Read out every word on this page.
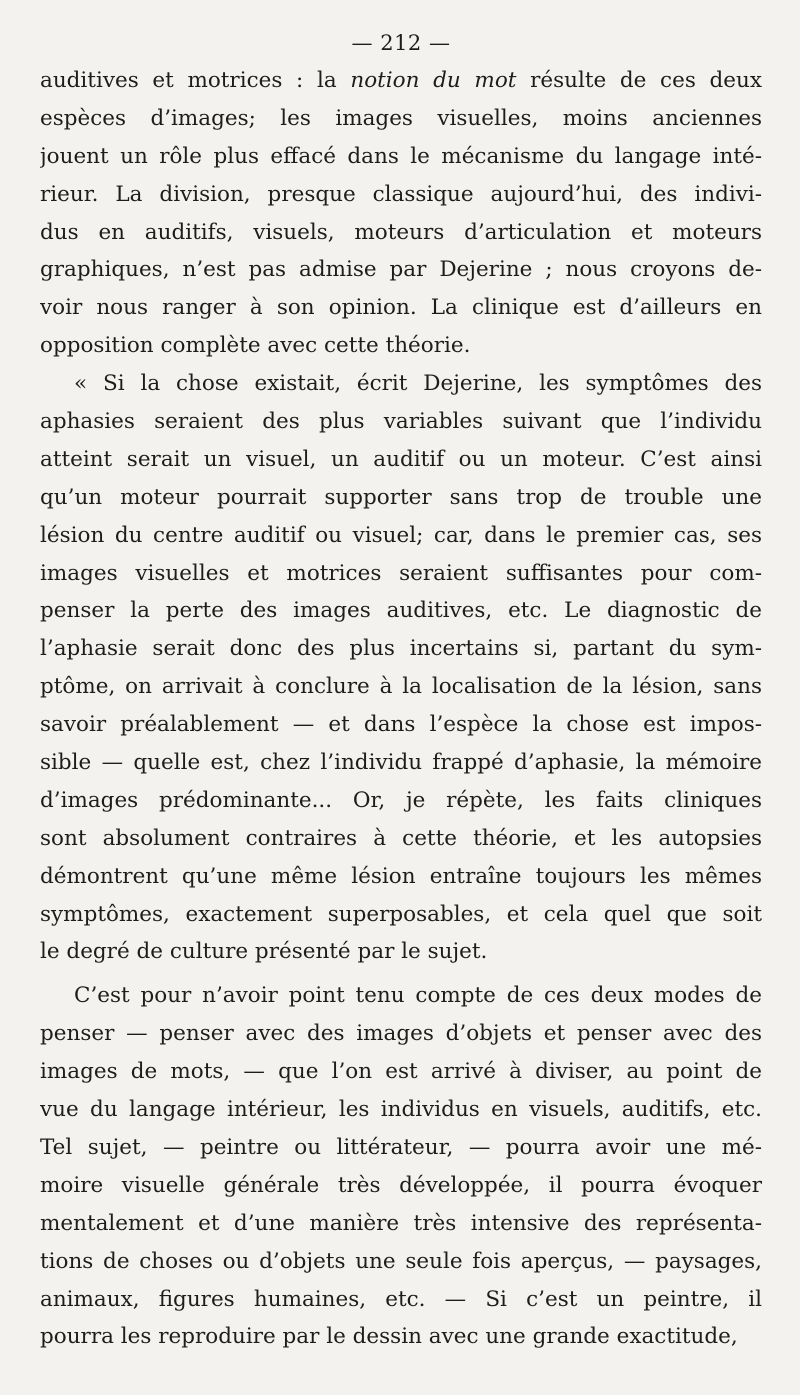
— 212 —
auditives et motrices : la notion du mot résulte de ces deux
espèces d’images; les images visuelles, moins anciennes
jouent un rôle plus effacé dans le mécanisme du langage inté-
rieur. La division, presque classique aujourd’hui, des indivi-
dus en auditifs, visuels, moteurs d’articulation et moteurs
graphiques, n’est pas admise par Dejerine ; nous croyons de-
voir nous ranger à son opinion. La clinique est d’ailleurs en
opposition complète avec cette théorie.
« Si la chose existait, écrit Dejerine, les symptômes des
aphasies seraient des plus variables suivant que l’individu
atteint serait un visuel, un auditif ou un moteur. C’est ainsi
qu’un moteur pourrait supporter sans trop de trouble une
lésion du centre auditif ou visuel; car, dans le premier cas, ses
images visuelles et motrices seraient suffisantes pour com-
penser la perte des images auditives, etc. Le diagnostic de
l’aphasie serait donc des plus incertains si, partant du sym-
ptôme, on arrivait à conclure à la localisation de la lésion, sans
savoir préalablement — et dans l’espèce la chose est impos-
sible — quelle est, chez l’individu frappé d’aphasie, la mémoire
d’images prédominante... Or, je répète, les faits cliniques
sont absolument contraires à cette théorie, et les autopsies
démontrent qu’une même lésion entraîne toujours les mêmes
symptômes, exactement superposables, et cela quel que soit
le degré de culture présenté par le sujet.
C’est pour n’avoir point tenu compte de ces deux modes de
penser — penser avec des images d’objets et penser avec des
images de mots, — que l’on est arrivé à diviser, au point de
vue du langage intérieur, les individus en visuels, auditifs, etc.
Tel sujet, — peintre ou littérateur, — pourra avoir une mé-
moire visuelle générale très développée, il pourra évoquer
mentalement et d’une manière très intensive des représenta-
tions de choses ou d’objets une seule fois aperçus, — paysages,
animaux, figures humaines, etc. — Si c’est un peintre, il
pourra les reproduire par le dessin avec une grande exactitude,
